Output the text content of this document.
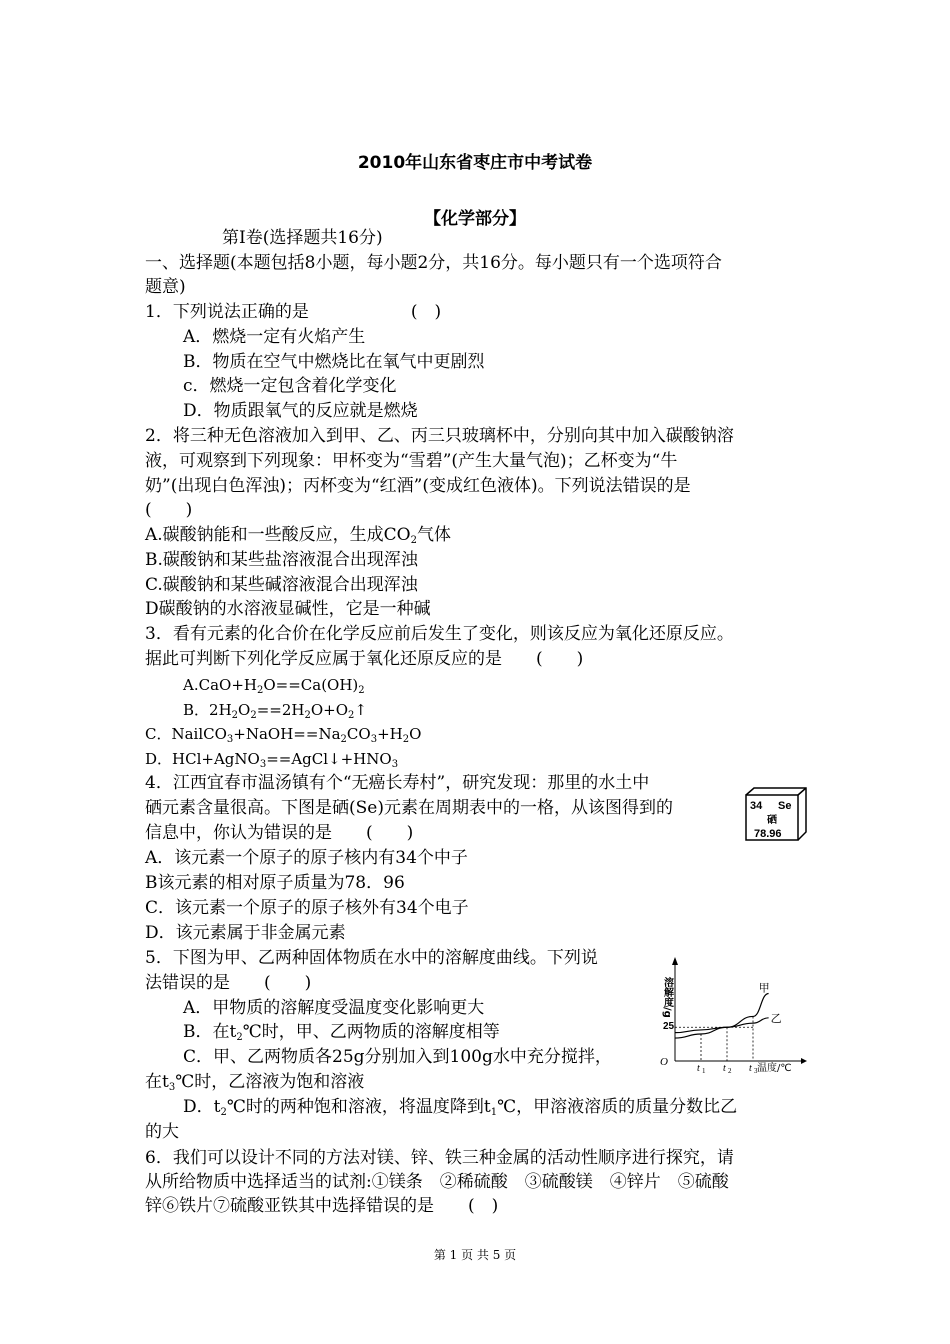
2010年山东省枣庄市中考试卷
【化学部分】
第Ⅰ卷(选择题共16分)
一、选择题(本题包括8小题，每小题2分，共16分。每小题只有一个选项符合
题意)
1．下列说法正确的是　　　　　　(　)
A．燃烧一定有火焰产生
B．物质在空气中燃烧比在氧气中更剧烈
c．燃烧一定包含着化学变化
D．物质跟氧气的反应就是燃烧
2．将三种无色溶液加入到甲、乙、丙三只玻璃杯中，分别向其中加入碳酸钠溶
液，可观察到下列现象：甲杯变为“雪碧”(产生大量气泡)；乙杯变为“牛
奶”(出现白色浑浊)；丙杯变为“红酒”(变成红色液体)。下列说法错误的是
(　　)
A.碳酸钠能和一些酸反应，生成$CO_2$气体
B.碳酸钠和某些盐溶液混合出现浑浊
C.碳酸钠和某些碱溶液混合出现浑浊
D碳酸钠的水溶液显碱性，它是一种碱
3．看有元素的化合价在化学反应前后发生了变化，则该反应为氧化还原反应。
据此可判断下列化学反应属于氧化还原反应的是　　(　　)
$A.CaO+H_2O==Ca(OH)_2$
B．$2H_2O_2==2H_2O+O_2↑$
C．$NailCO_3+NaOH==Na_2CO_3+H_2O$
D．$HCl+AgNO_3==AgCl↓+HNO_3$
4．江西宜春市温汤镇有个“无癌长寿村”，研究发现：那里的水土中
硒元素含量很高。下图是硒(Se)元素在周期表中的一格，从该图得到的
信息中，你认为错误的是　　(　　)
A．该元素一个原子的原子核内有34个中子
B该元素的相对原子质量为78．96
C．该元素一个原子的原子核外有34个电子
D．该元素属于非金属元素
34 Se
硒
78.96
5．下图为甲、乙两种固体物质在水中的溶解度曲线。下列说
法错误的是　　(　　)
A．甲物质的溶解度受温度变化影响更大
B．在$t_2℃$时，甲、乙两物质的溶解度相等
C．甲、乙两物质各25g分别加入到100g水中充分搅拌，
在$t_3℃$时，乙溶液为饱和溶液
D．$t_2℃$时的两种饱和溶液，将温度降到$t_1℃$，甲溶液溶质的质量分数比乙
的大
O
25
溶解度/g
温度/℃
t 1 t 2 t 3
甲
乙
6．我们可以设计不同的方法对镁、锌、铁三种金属的活动性顺序进行探究，请
从所给物质中选择适当的试剂:①镁条　②稀硫酸　③硫酸镁　④锌片　⑤硫酸
锌⑥铁片⑦硫酸亚铁其中选择错误的是　　(　)
第 1 页 共 5 页
